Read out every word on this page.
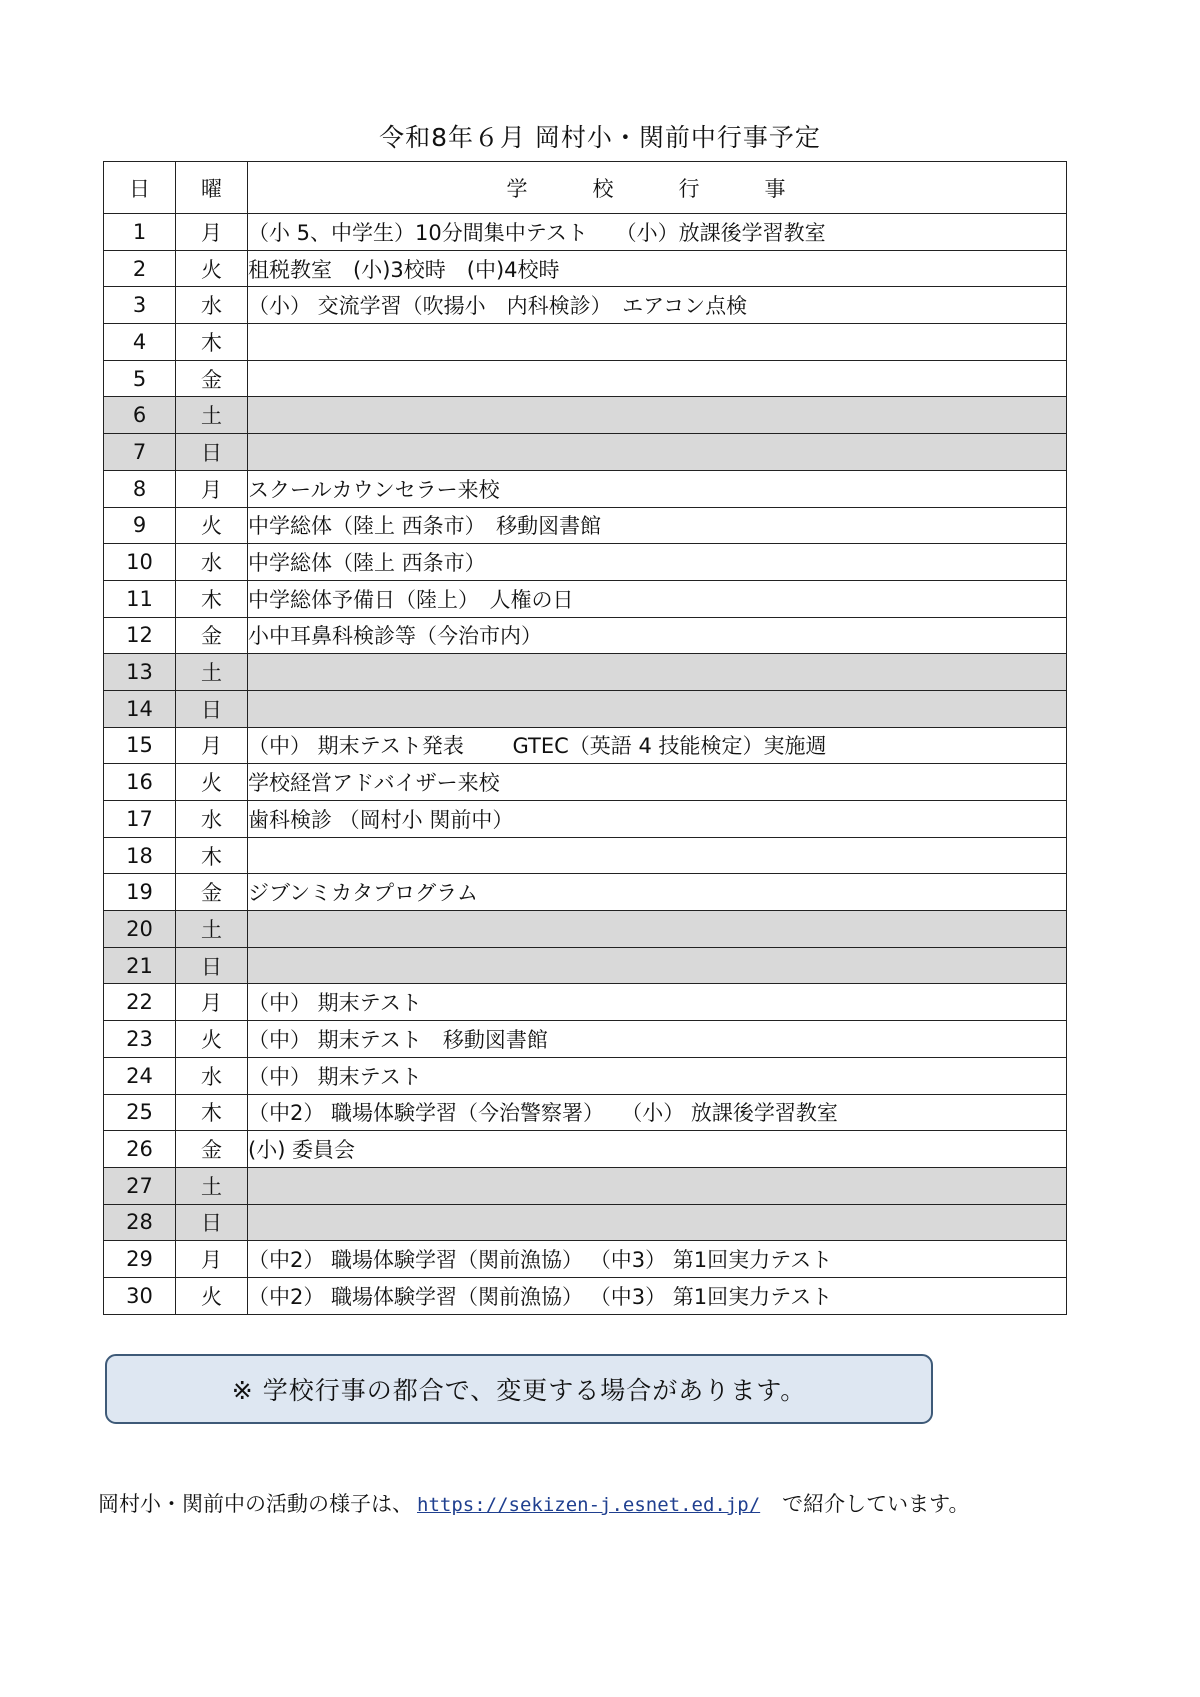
令和8年６月 岡村小・関前中行事予定
日	曜	学　校　行　事
1	月	（小 5、中学生）10分間集中テスト　 （小）放課後学習教室
2	火	租税教室　(小)3校時　(中)4校時
3	水	（小） 交流学習（吹揚小　内科検診）　エアコン点検
4	木	
5	金	
6	土	
7	日	
8	月	スクールカウンセラー来校
9	火	中学総体（陸上 西条市）　移動図書館
10	水	中学総体（陸上 西条市）
11	木	中学総体予備日（陸上）　人権の日
12	金	小中耳鼻科検診等（今治市内）
13	土	
14	日	
15	月	（中） 期末テスト発表　　 GTEC（英語 4 技能検定）実施週
16	火	学校経営アドバイザー来校
17	水	歯科検診 （岡村小 関前中）
18	木	
19	金	ジブンミカタプログラム
20	土	
21	日	
22	月	（中） 期末テスト
23	火	（中） 期末テスト　移動図書館
24	水	（中） 期末テスト
25	木	（中2） 職場体験学習（今治警察署）　 （小） 放課後学習教室
26	金	(小) 委員会
27	土	
28	日	
29	月	（中2） 職場体験学習（関前漁協） （中3） 第1回実力テスト
30	火	（中2） 職場体験学習（関前漁協） （中3） 第1回実力テスト
※ 学校行事の都合で、変更する場合があります。
岡村小・関前中の活動の様子は、 https://sekizen-j.esnet.ed.jp/ で紹介しています。
